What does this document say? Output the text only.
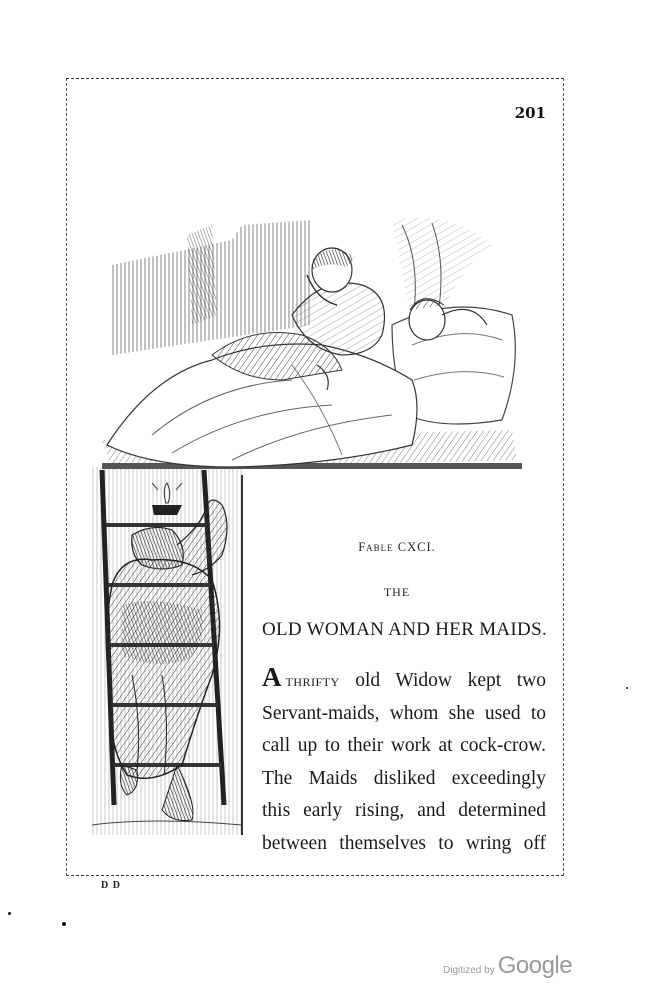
201
Fable CXCI.
THE
OLD WOMAN AND HER MAIDS.
Athrifty old Widow kept two
Servant-maids, whom she used to
call up to their work at cock-crow.
The Maids disliked exceedingly
this early rising, and determined
between themselves to wring off
D D
Digitized by Google
